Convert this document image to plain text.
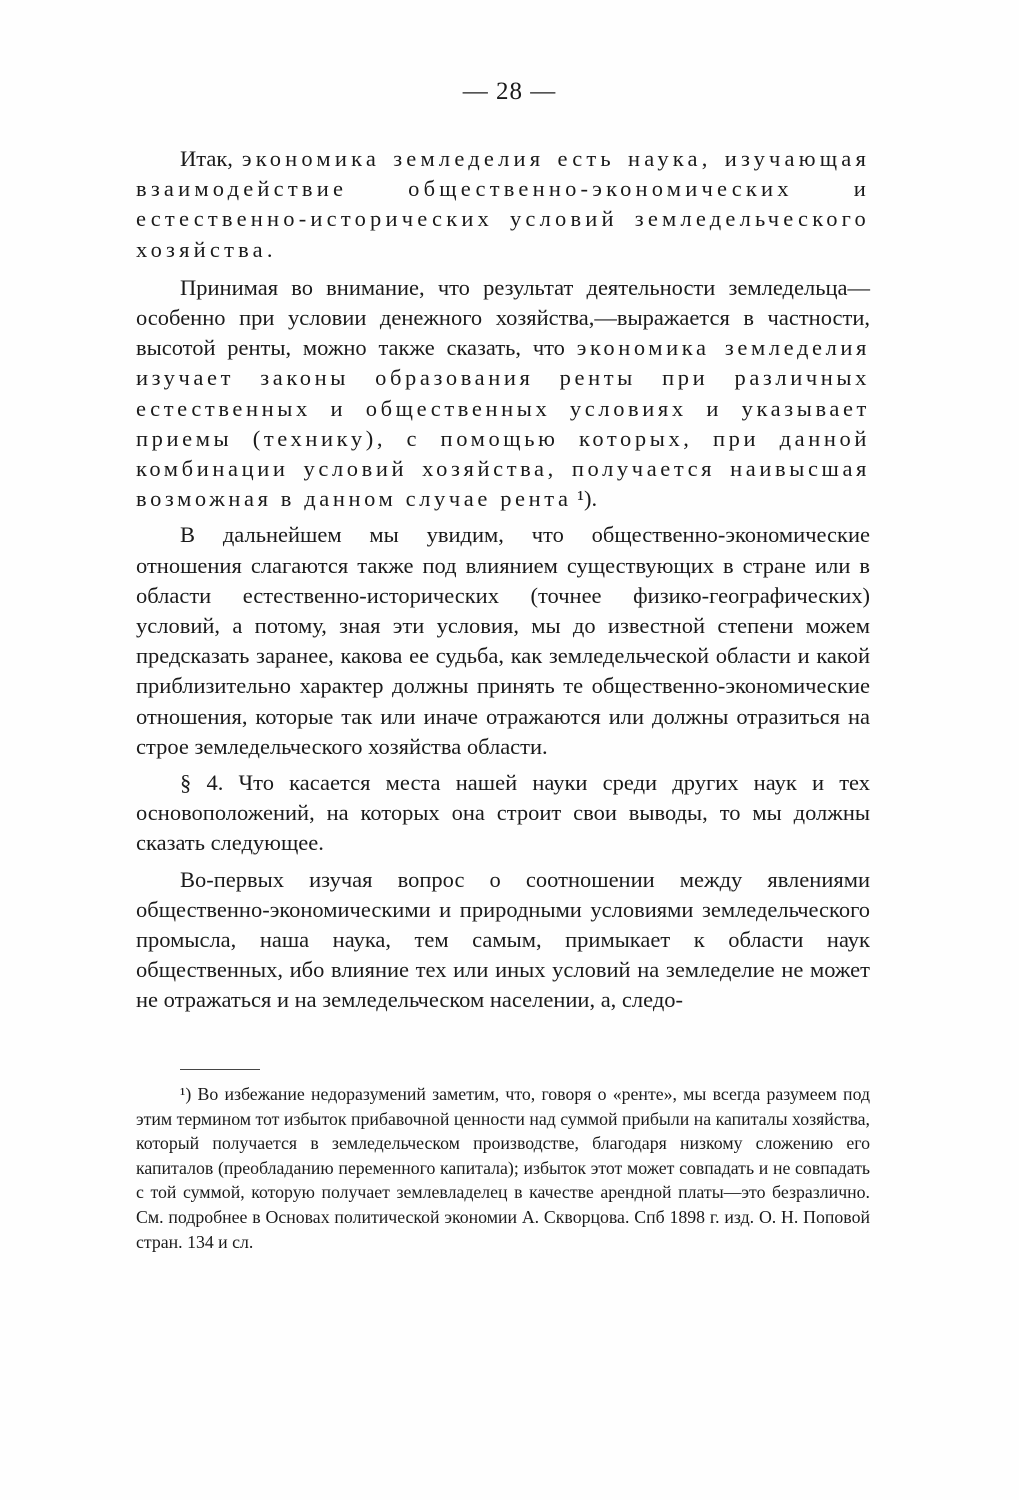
— 28 —

Итак, экономика земледелия есть наука, изучающая взаимодействие общественно-экономических и естественно-исторических условий земледельческого хозяйства.

Принимая во внимание, что результат деятельности земледельца—особенно при условии денежного хозяйства,—выражается в частности, высотой ренты, можно также сказать, что экономика земледелия изучает законы образования ренты при различных естественных и общественных условиях и указывает приемы (технику), с помощью которых, при данной комбинации условий хозяйства, получается наивысшая возможная в данном случае рента ¹).

В дальнейшем мы увидим, что общественно-экономические отношения слагаются также под влиянием существующих в стране или в области естественно-исторических (точнее физико-географических) условий, а потому, зная эти условия, мы до известной степени можем предсказать заранее, какова ее судьба, как земледельческой области и какой приблизительно характер должны принять те общественно-экономические отношения, которые так или иначе отражаются или должны отразиться на строе земледельческого хозяйства области.

§ 4. Что касается места нашей науки среди других наук и тех основоположений, на которых она строит свои выводы, то мы должны сказать следующее.

Во-первых изучая вопрос о соотношении между явлениями общественно-экономическими и природными условиями земледельческого промысла, наша наука, тем самым, примыкает к области наук общественных, ибо влияние тех или иных условий на земледелие не может не отражаться и на земледельческом населении, а, следо-

¹) Во избежание недоразумений заметим, что, говоря о «ренте», мы всегда разумеем под этим термином тот избыток прибавочной ценности над суммой прибыли на капиталы хозяйства, который получается в земледельческом производстве, благодаря низкому сложению его капиталов (преобладанию переменного капитала); избыток этот может совпадать и не совпадать с той суммой, которую получает землевладелец в качестве арендной платы—это безразлично. См. подробнее в Основах политической экономии А. Скворцова. Спб 1898 г. изд. О. Н. Поповой стран. 134 и сл.
